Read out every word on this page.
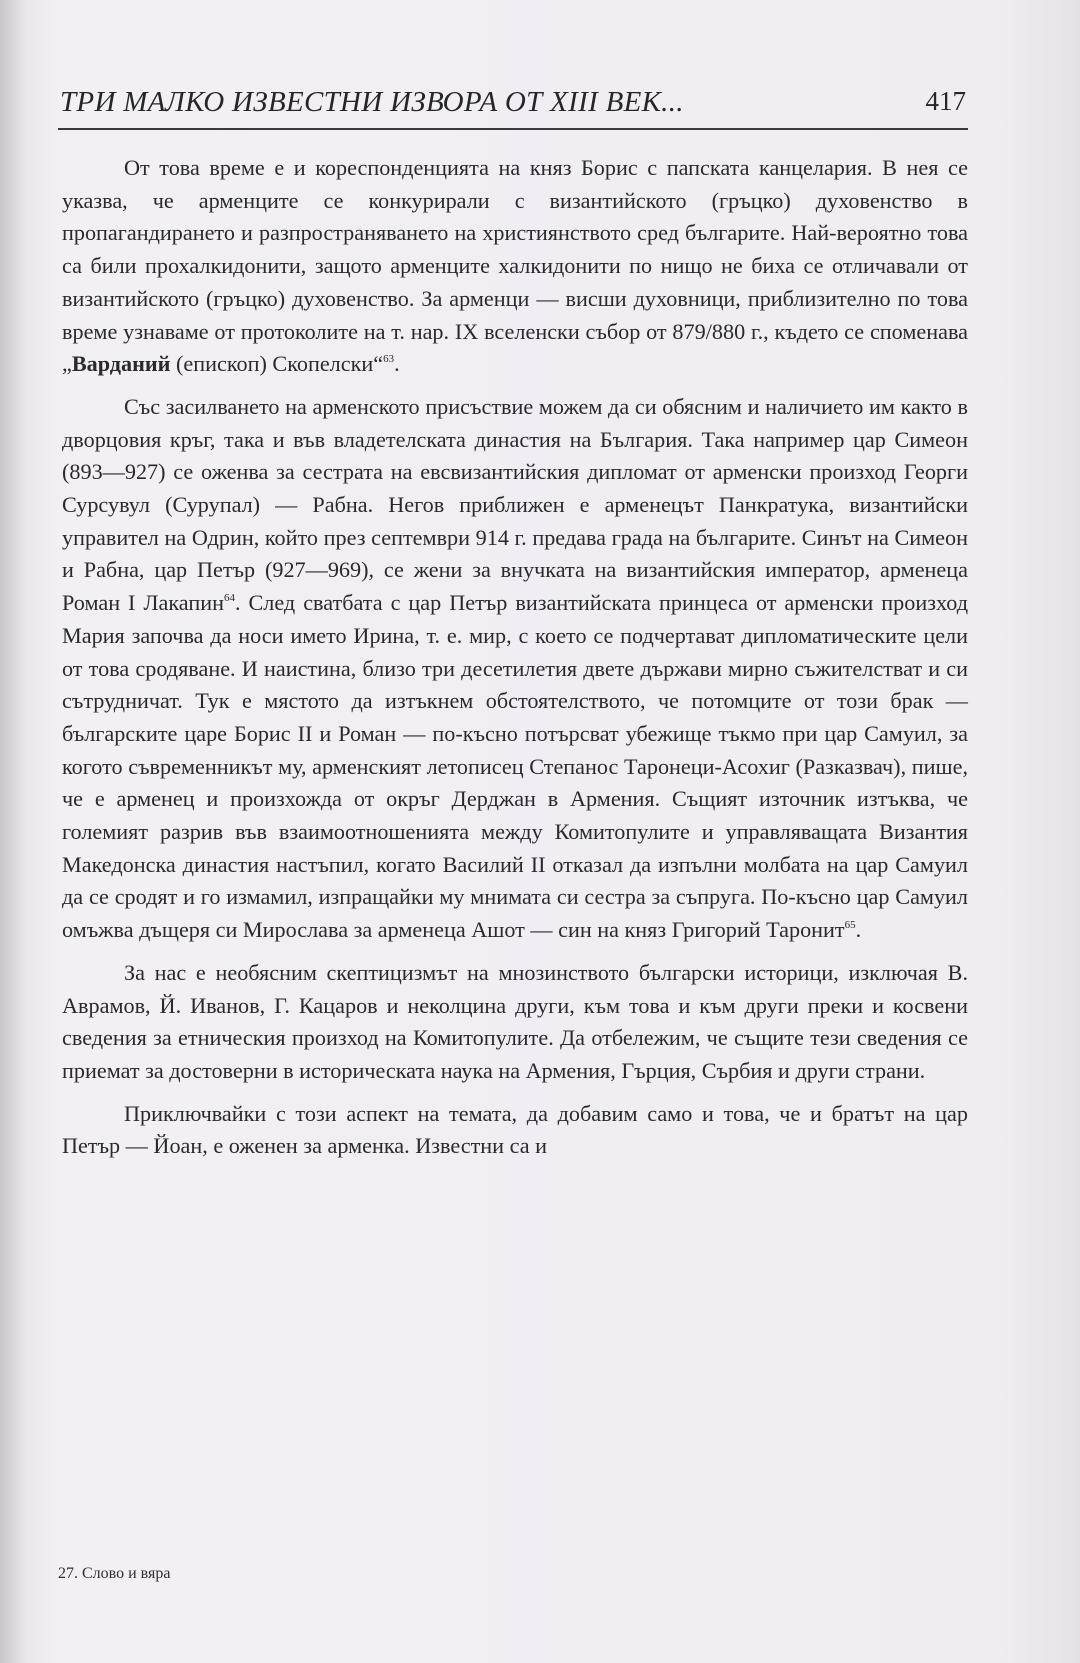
ТРИ МАЛКО ИЗВЕСТНИ ИЗВОРА ОТ XIII ВЕК...	417

От това време е и кореспонденцията на княз Борис с папската канцелария. В нея се указва, че арменците се конкурирали с византийското (гръцко) духовенство в пропагандирането и разпространяването на християнството сред българите. Най-вероятно това са били прохалкидонити, защото арменците халкидонити по нищо не биха се отличавали от византийското (гръцко) духовенство. За арменци — висши духовници, приблизително по това време узнаваме от протоколите на т. нар. IX вселенски събор от 879/880 г., където се споменава „Варданий (епископ) Скопелски“$^{63}$.

Със засилването на арменското присъствие можем да си обясним и наличието им както в дворцовия кръг, така и във владетелската династия на България. Така например цар Симеон (893—927) се оженва за сестрата на евсвизантийския дипломат от арменски произход Георги Сурсувул (Сурупал) — Рабна. Негов приближен е арменецът Панкратука, византийски управител на Одрин, който през септември 914 г. предава града на българите. Синът на Симеон и Рабна, цар Петър (927—969), се жени за внучката на византийския император, арменеца Роман I Лакапин$^{64}$. След сватбата с цар Петър византийската принцеса от арменски произход Мария започва да носи името Ирина, т. е. мир, с което се подчертават дипломатическите цели от това сродяване. И наистина, близо три десетилетия двете държави мирно съжителстват и си сътрудничат. Тук е мястото да изтъкнем обстоятелството, че потомците от този брак — българските царе Борис II и Роман — по-късно потърсват убежище тъкмо при цар Самуил, за когото съвременникът му, арменският летописец Степанос Таронеци-Асохиг (Разказвач), пише, че е арменец и произхожда от окръг Дерджан в Армения. Същият източник изтъква, че големият разрив във взаимоотношенията между Комитопулите и управляващата Византия Македонска династия настъпил, когато Василий II отказал да изпълни молбата на цар Самуил да се сродят и го измамил, изпращайки му мнимата си сестра за съпруга. По-късно цар Самуил омъжва дъщеря си Мирослава за арменеца Ашот — син на княз Григорий Таронит$^{65}$.

За нас е необясним скептицизмът на мнозинството български историци, изключая В. Аврамов, Й. Иванов, Г. Кацаров и неколцина други, към това и към други преки и косвени сведения за етническия произход на Комитопулите. Да отбележим, че същите тези сведения се приемат за достоверни в историческата наука на Армения, Гърция, Сърбия и други страни.

Приключвайки с този аспект на темата, да добавим само и това, че и братът на цар Петър — Йоан, е оженен за арменка. Известни са и

27. Слово и вяра
